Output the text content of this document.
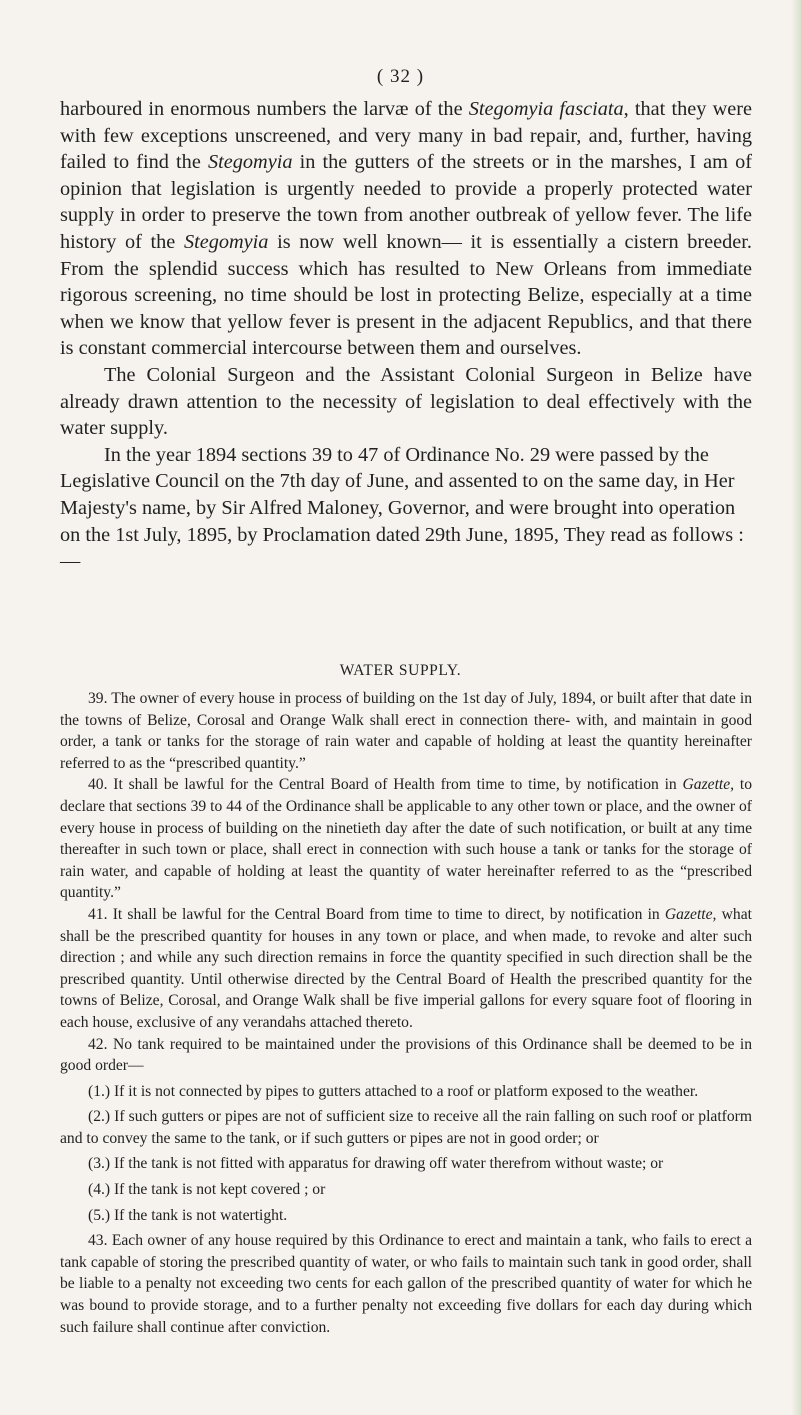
( 32 )

harboured in enormous numbers the larvæ of the Stegomyia fasciata, that they were with few exceptions unscreened, and very many in bad repair, and, further, having failed to find the Stegomyia in the gutters of the streets or in the marshes, I am of opinion that legislation is urgently needed to provide a properly protected water supply in order to preserve the town from another outbreak of yellow fever. The life history of the Stegomyia is now well known— it is essentially a cistern breeder. From the splendid success which has resulted to New Orleans from immediate rigorous screening, no time should be lost in protecting Belize, especially at a time when we know that yellow fever is present in the adjacent Republics, and that there is constant commercial intercourse between them and ourselves.

The Colonial Surgeon and the Assistant Colonial Surgeon in Belize have already drawn attention to the necessity of legislation to deal effectively with the water supply.

In the year 1894 sections 39 to 47 of Ordinance No. 29 were passed by the Legislative Council on the 7th day of June, and assented to on the same day, in Her Majesty's name, by Sir Alfred Maloney, Governor, and were brought into operation on the 1st July, 1895, by Proclamation dated 29th June, 1895, They read as follows :—

WATER SUPPLY.

39. The owner of every house in process of building on the 1st day of July, 1894, or built after that date in the towns of Belize, Corosal and Orange Walk shall erect in connection there- with, and maintain in good order, a tank or tanks for the storage of rain water and capable of holding at least the quantity hereinafter referred to as the “prescribed quantity.”

40. It shall be lawful for the Central Board of Health from time to time, by notification in Gazette, to declare that sections 39 to 44 of the Ordinance shall be applicable to any other town or place, and the owner of every house in process of building on the ninetieth day after the date of such notification, or built at any time thereafter in such town or place, shall erect in connection with such house a tank or tanks for the storage of rain water, and capable of holding at least the quantity of water hereinafter referred to as the “prescribed quantity.”

41. It shall be lawful for the Central Board from time to time to direct, by notification in Gazette, what shall be the prescribed quantity for houses in any town or place, and when made, to revoke and alter such direction ; and while any such direction remains in force the quantity specified in such direction shall be the prescribed quantity. Until otherwise directed by the Central Board of Health the prescribed quantity for the towns of Belize, Corosal, and Orange Walk shall be five imperial gallons for every square foot of flooring in each house, exclusive of any verandahs attached thereto.

42. No tank required to be maintained under the provisions of this Ordinance shall be deemed to be in good order—

(1.) If it is not connected by pipes to gutters attached to a roof or platform exposed to the weather.

(2.) If such gutters or pipes are not of sufficient size to receive all the rain falling on such roof or platform and to convey the same to the tank, or if such gutters or pipes are not in good order; or

(3.) If the tank is not fitted with apparatus for drawing off water therefrom without waste; or

(4.) If the tank is not kept covered ; or

(5.) If the tank is not watertight.

43. Each owner of any house required by this Ordinance to erect and maintain a tank, who fails to erect a tank capable of storing the prescribed quantity of water, or who fails to maintain such tank in good order, shall be liable to a penalty not exceeding two cents for each gallon of the prescribed quantity of water for which he was bound to provide storage, and to a further penalty not exceeding five dollars for each day during which such failure shall continue after conviction.
